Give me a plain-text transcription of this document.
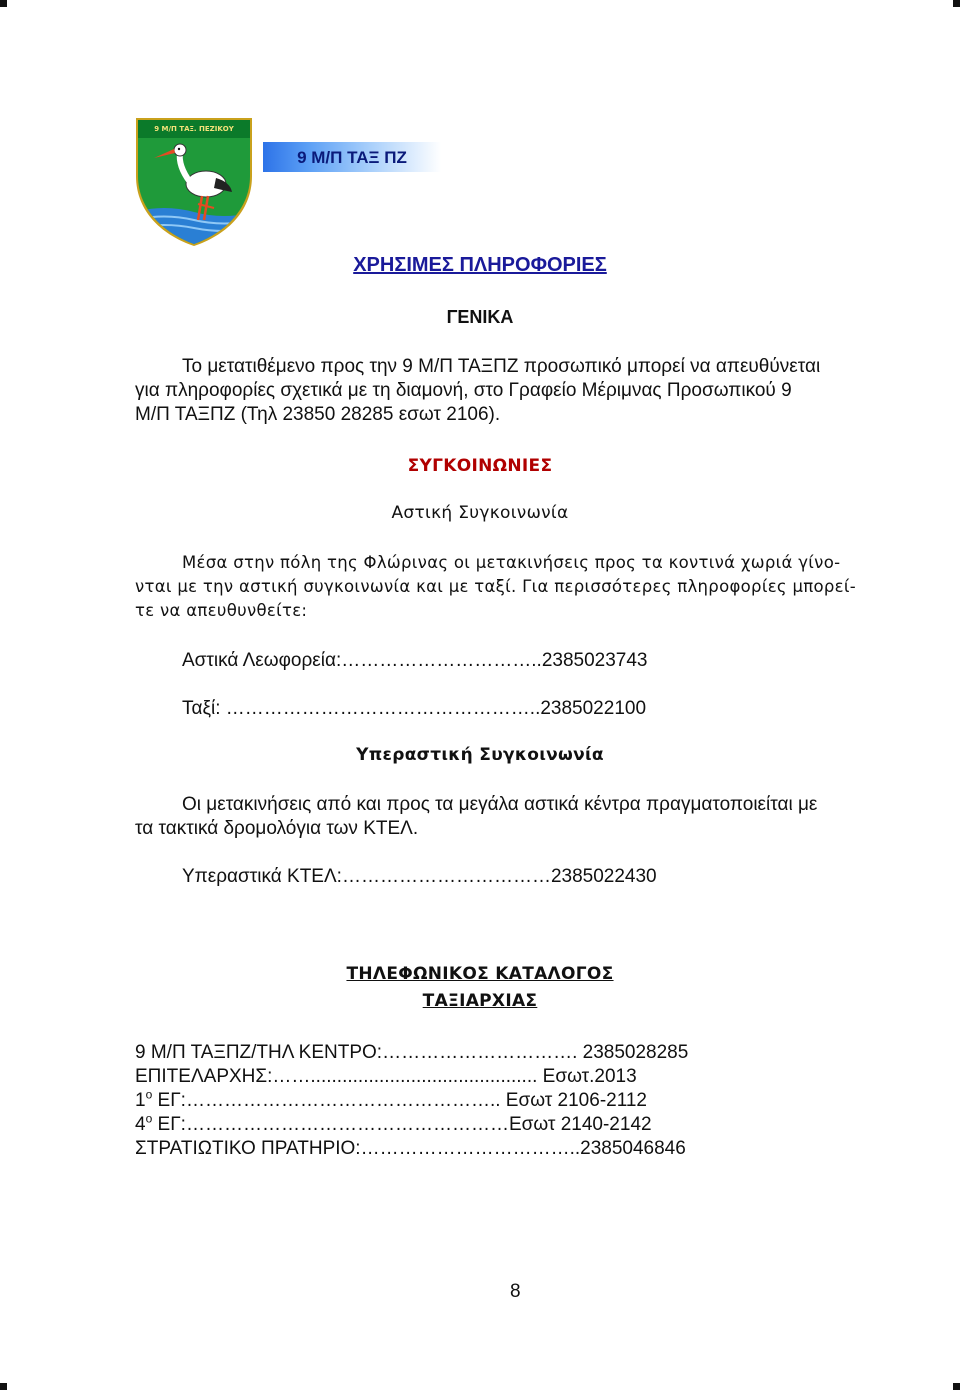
9 Μ/Π ΤΑΞ. ΠΕΖΙΚΟΥ
9 Μ/Π ΤΑΞ ΠΖ
ΧΡΗΣΙΜΕΣ ΠΛΗΡΟΦΟΡΙΕΣ
ΓΕΝΙΚΑ
Το μετατιθέμενο προς την 9 Μ/Π ΤΑΞΠΖ προσωπικό μπορεί να απευθύνεται
για πληροφορίες σχετικά με τη διαμονή, στο Γραφείο Μέριμνας Προσωπικού 9
Μ/Π ΤΑΞΠΖ (Τηλ 23850 28285 εσωτ 2106).
ΣΥΓΚΟΙΝΩΝΙΕΣ
Αστική Συγκοινωνία
Μέσα στην πόλη της Φλώρινας οι μετακινήσεις προς τα κοντινά χωριά γίνο-
νται με την αστική συγκοινωνία και με ταξί. Για περισσότερες πληροφορίες μπορεί-
τε να απευθυνθείτε:
Αστικά Λεωφορεία:…………………………..2385023743
Ταξί: …………………………………………..2385022100
Υπεραστική Συγκοινωνία
Οι μετακινήσεις από και προς τα μεγάλα αστικά κέντρα πραγματοποιείται με
τα τακτικά δρομολόγια των ΚΤΕΛ.
Υπεραστικά ΚΤΕΛ:……………………………2385022430
ΤΗΛΕΦΩΝΙΚΟΣ ΚΑΤΑΛΟΓΟΣ
ΤΑΞΙΑΡΧΙΑΣ
9 Μ/Π ΤΑΞΠΖ/ΤΗΛ ΚΕΝΤΡΟ:…………………………. 2385028285
ΕΠΙΤΕΛΑΡΧΗΣ:……........................................... Εσωτ.2013
$1^o$ ΕΓ:………………………………………….. Εσωτ 2106-2112
$4^o$ ΕΓ:……………………………………………Εσωτ 2140-2142
ΣΤΡΑΤΙΩΤΙΚΟ ΠΡΑΤΗΡΙΟ:……………………………..2385046846
8
